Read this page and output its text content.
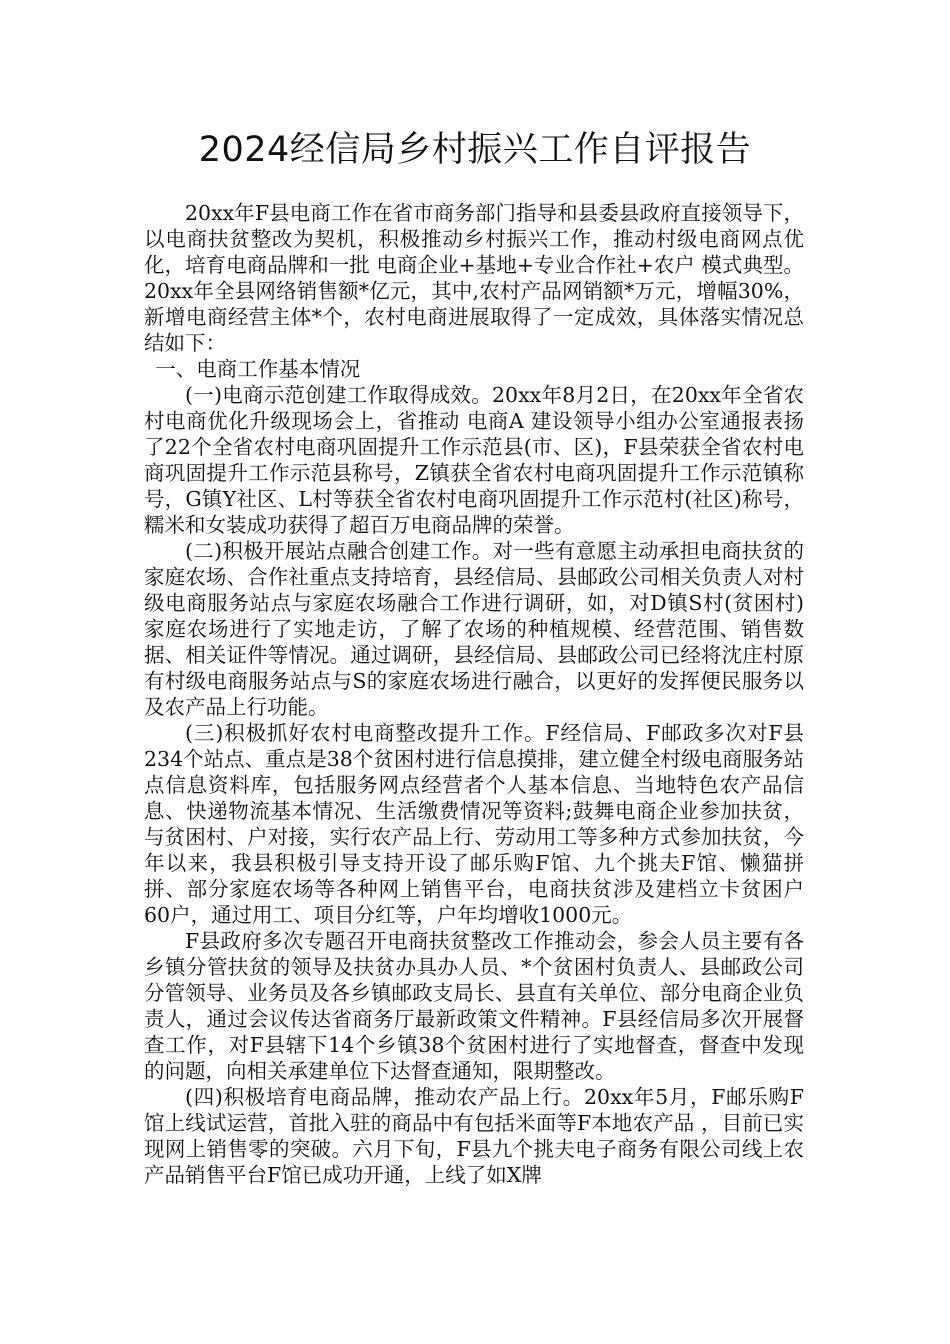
2024经信局乡村振兴工作自评报告

20xx年F县电商工作在省市商务部门指导和县委县政府直接领导下，以电商扶贫整改为契机，积极推动乡村振兴工作，推动村级电商网点优化，培育电商品牌和一批 电商企业+基地+专业合作社+农户 模式典型。20xx年全县网络销售额*亿元，其中,农村产品网销额*万元，增幅30%，新增电商经营主体*个，农村电商进展取得了一定成效，具体落实情况总结如下：

一、电商工作基本情况

(一)电商示范创建工作取得成效。20xx年8月2日，在20xx年全省农村电商优化升级现场会上，省推动 电商A 建设领导小组办公室通报表扬了22个全省农村电商巩固提升工作示范县(市、区)，F县荣获全省农村电商巩固提升工作示范县称号，Z镇获全省农村电商巩固提升工作示范镇称号，G镇Y社区、L村等获全省农村电商巩固提升工作示范村(社区)称号，糯米和女装成功获得了超百万电商品牌的荣誉。

(二)积极开展站点融合创建工作。对一些有意愿主动承担电商扶贫的家庭农场、合作社重点支持培育，县经信局、县邮政公司相关负责人对村级电商服务站点与家庭农场融合工作进行调研，如，对D镇S村(贫困村)家庭农场进行了实地走访，了解了农场的种植规模、经营范围、销售数据、相关证件等情况。通过调研，县经信局、县邮政公司已经将沈庄村原有村级电商服务站点与S的家庭农场进行融合，以更好的发挥便民服务以及农产品上行功能。

(三)积极抓好农村电商整改提升工作。F经信局、F邮政多次对F县234个站点、重点是38个贫困村进行信息摸排，建立健全村级电商服务站点信息资料库，包括服务网点经营者个人基本信息、当地特色农产品信息、快递物流基本情况、生活缴费情况等资料;鼓舞电商企业参加扶贫，与贫困村、户对接，实行农产品上行、劳动用工等多种方式参加扶贫，今年以来，我县积极引导支持开设了邮乐购F馆、九个挑夫F馆、懒猫拼拼、部分家庭农场等各种网上销售平台，电商扶贫涉及建档立卡贫困户60户，通过用工、项目分红等，户年均增收1000元。

F县政府多次专题召开电商扶贫整改工作推动会，参会人员主要有各乡镇分管扶贫的领导及扶贫办具办人员、*个贫困村负责人、县邮政公司分管领导、业务员及各乡镇邮政支局长、县直有关单位、部分电商企业负责人，通过会议传达省商务厅最新政策文件精神。F县经信局多次开展督查工作，对F县辖下14个乡镇38个贫困村进行了实地督查，督查中发现的问题，向相关承建单位下达督查通知，限期整改。

(四)积极培育电商品牌，推动农产品上行。20xx年5月，F邮乐购F馆上线试运营，首批入驻的商品中有包括米面等F本地农产品 ，目前已实现网上销售零的突破。六月下旬，F县九个挑夫电子商务有限公司线上农产品销售平台F馆已成功开通，上线了如X牌
